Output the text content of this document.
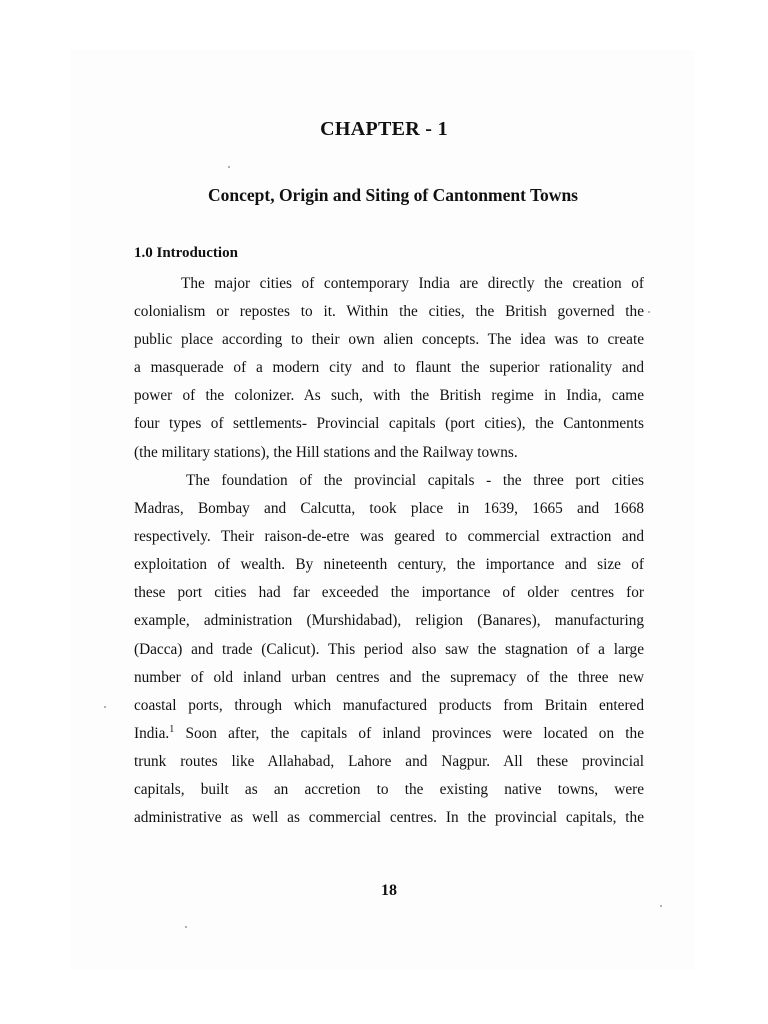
CHAPTER - 1
Concept, Origin and Siting of Cantonment Towns
1.0 Introduction

The major cities of contemporary India are directly the creation of
colonialism or repostes to it. Within the cities, the British governed the
public place according to their own alien concepts. The idea was to create
a masquerade of a modern city and to flaunt the superior rationality and
power of the colonizer. As such, with the British regime in India, came
four types of settlements- Provincial capitals (port cities), the Cantonments
(the military stations), the Hill stations and the Railway towns.

The foundation of the provincial capitals - the three port cities
Madras, Bombay and Calcutta, took place in 1639, 1665 and 1668
respectively. Their raison-de-etre was geared to commercial extraction and
exploitation of wealth. By nineteenth century, the importance and size of
these port cities had far exceeded the importance of older centres for
example, administration (Murshidabad), religion (Banares), manufacturing
(Dacca) and trade (Calicut). This period also saw the stagnation of a large
number of old inland urban centres and the supremacy of the three new
coastal ports, through which manufactured products from Britain entered
India.$^1$ Soon after, the capitals of inland provinces were located on the
trunk routes like Allahabad, Lahore and Nagpur. All these provincial
capitals, built as an accretion to the existing native towns, were
administrative as well as commercial centres. In the provincial capitals, the

18
